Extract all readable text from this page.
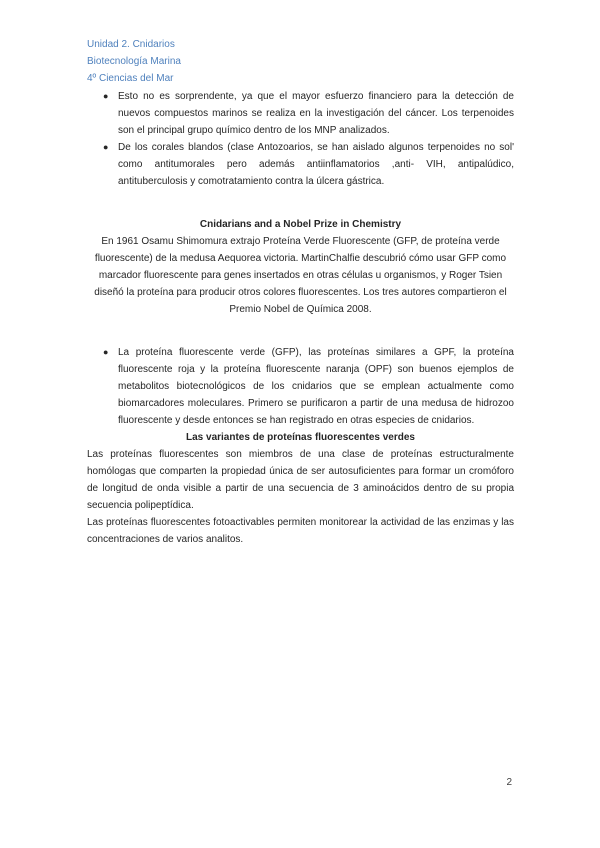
Unidad 2. Cnidarios
Biotecnología Marina
4º Ciencias del Mar
● Esto no es sorprendente, ya que el mayor esfuerzo financiero para la detección de nuevos compuestos marinos se realiza en la investigación del cáncer. Los terpenoides son el principal grupo químico dentro de los MNP analizados.
● De los corales blandos (clase Antozoarios, se han aislado algunos terpenoides no sol' como antitumorales pero además antiinflamatorios ,anti- VIH, antipalúdico, antituberculosis y comotratamiento contra la úlcera gástrica.
Cnidarians and a Nobel Prize in Chemistry
En 1961 Osamu Shimomura extrajo Proteína Verde Fluorescente (GFP, de proteína verde fluorescente) de la medusa Aequorea victoria. MartinChalfie descubrió cómo usar GFP como marcador fluorescente para genes insertados en otras células u organismos, y Roger Tsien diseñó la proteína para producir otros colores fluorescentes. Los tres autores compartieron el Premio Nobel de Química 2008.
● La proteína fluorescente verde (GFP), las proteínas similares a GPF, la proteína fluorescente roja y la proteína fluorescente naranja (OPF) son buenos ejemplos de metabolitos biotecnológicos de los cnidarios que se emplean actualmente como biomarcadores moleculares. Primero se purificaron a partir de una medusa de hidrozoo fluorescente y desde entonces se han registrado en otras especies de cnidarios.
Las variantes de proteínas fluorescentes verdes
Las proteínas fluorescentes son miembros de una clase de proteínas estructuralmente homólogas que comparten la propiedad única de ser autosuficientes para formar un cromóforo de longitud de onda visible a partir de una secuencia de 3 aminoácidos dentro de su propia secuencia polipeptídica.
Las proteínas fluorescentes fotoactivables permiten monitorear la actividad de las enzimas y las concentraciones de varios analitos.
2
